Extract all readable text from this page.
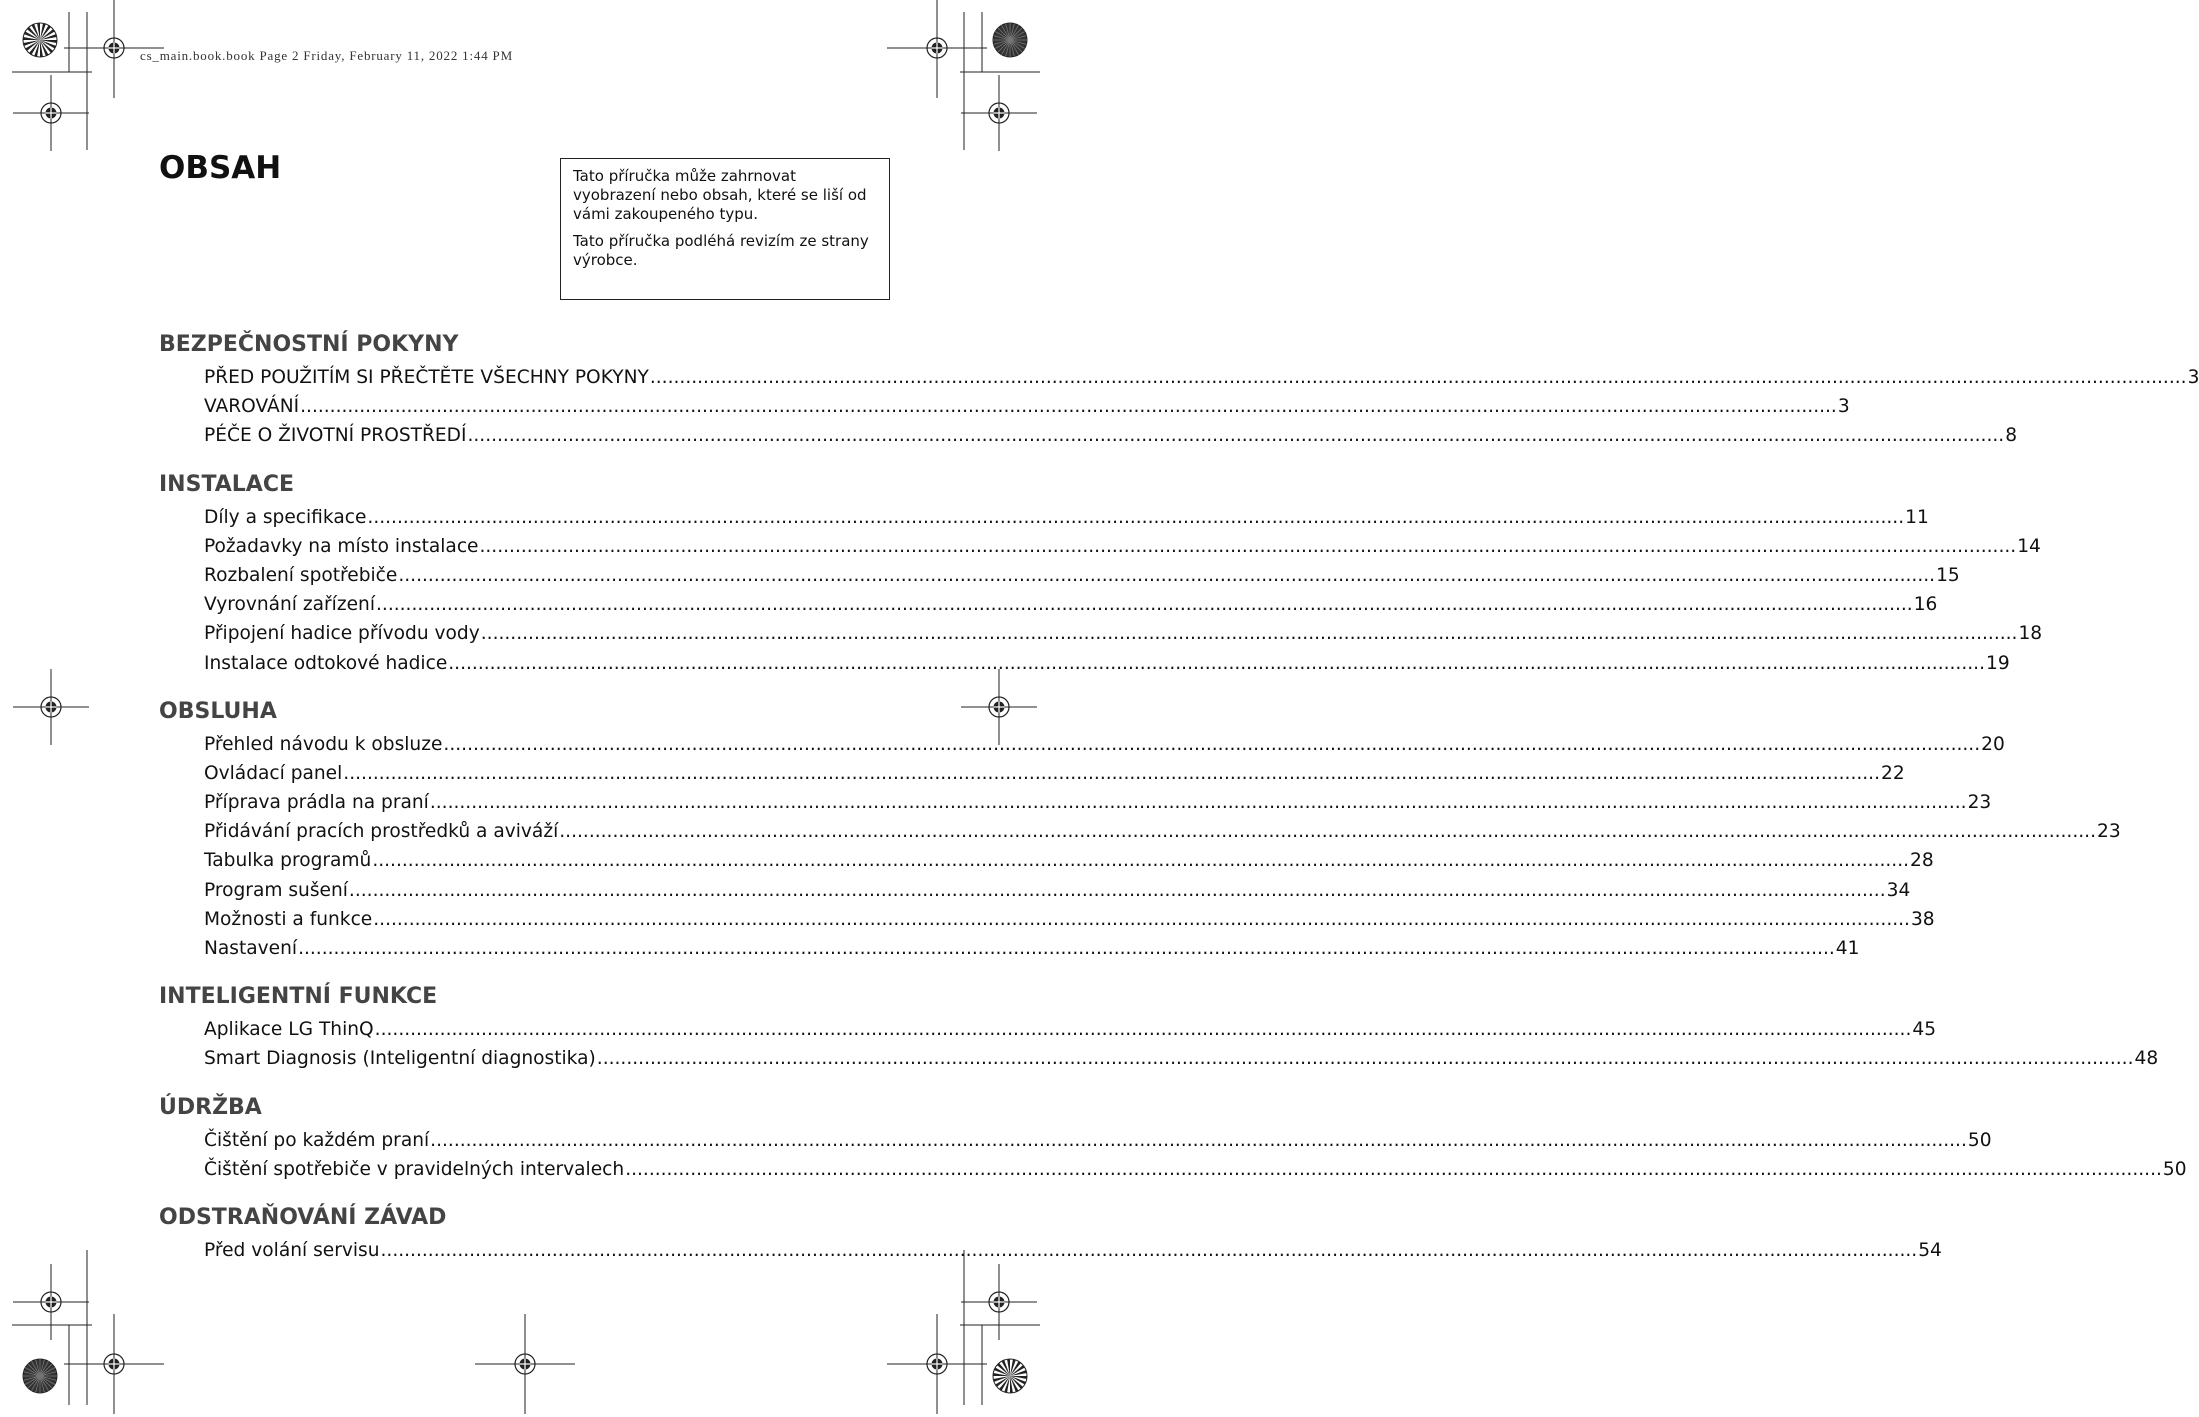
cs_main.book.book Page 2 Friday, February 11, 2022 1:44 PM
OBSAH	Tato příručka může zahrnovat vyobrazení nebo obsah, které se liší od vámi zakoupeného typu.

Tato příručka podléhá revizím ze strany výrobce.

BEZPEČNOSTNÍ POKYNY
PŘED POUŽITÍM SI PŘEČTĚTE VŠECHNY POKYNY .................................................................................................................................................................................................................................................................... 3
VAROVÁNÍ .................................................................................................................................................................................................................................................................... 3
PÉČE O ŽIVOTNÍ PROSTŘEDÍ .................................................................................................................................................................................................................................................................... 8
INSTALACE
Díly a specifikace .................................................................................................................................................................................................................................................................... 11
Požadavky na místo instalace .................................................................................................................................................................................................................................................................... 14
Rozbalení spotřebiče .................................................................................................................................................................................................................................................................... 15
Vyrovnání zařízení .................................................................................................................................................................................................................................................................... 16
Připojení hadice přívodu vody .................................................................................................................................................................................................................................................................... 18
Instalace odtokové hadice .................................................................................................................................................................................................................................................................... 19
OBSLUHA
Přehled návodu k obsluze .................................................................................................................................................................................................................................................................... 20
Ovládací panel .................................................................................................................................................................................................................................................................... 22
Příprava prádla na praní .................................................................................................................................................................................................................................................................... 23
Přidávání pracích prostředků a aviváží .................................................................................................................................................................................................................................................................... 23
Tabulka programů .................................................................................................................................................................................................................................................................... 28
Program sušení .................................................................................................................................................................................................................................................................... 34
Možnosti a funkce .................................................................................................................................................................................................................................................................... 38
Nastavení .................................................................................................................................................................................................................................................................... 41
INTELIGENTNÍ FUNKCE
Aplikace LG ThinQ .................................................................................................................................................................................................................................................................... 45
Smart Diagnosis (Inteligentní diagnostika) .................................................................................................................................................................................................................................................................... 48
ÚDRŽBA
Čištění po každém praní .................................................................................................................................................................................................................................................................... 50
Čištění spotřebiče v pravidelných intervalech .................................................................................................................................................................................................................................................................... 50
ODSTRAŇOVÁNÍ ZÁVAD
Před volání servisu .................................................................................................................................................................................................................................................................... 54
